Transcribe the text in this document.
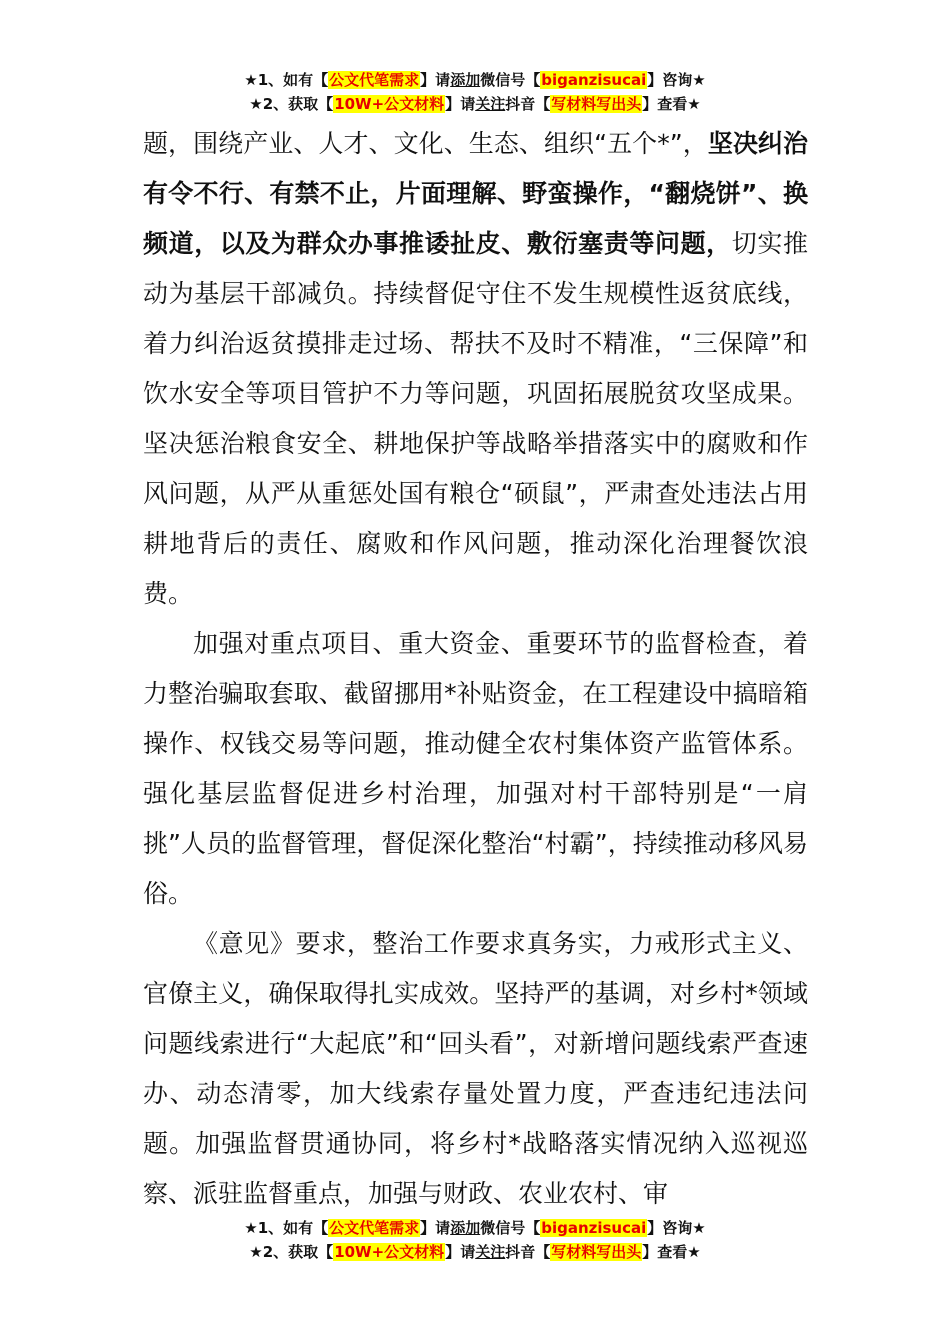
★1、如有【公文代笔需求】请添加微信号【biganzisucai】咨询★
★2、获取【10W+公文材料】请关注抖音【写材料写出头】查看★

题，围绕产业、人才、文化、生态、组织“五个*”，坚决纠治有令不行、有禁不止，片面理解、野蛮操作，“翻烧饼”、换频道，以及为群众办事推诿扯皮、敷衍塞责等问题，切实推动为基层干部减负。持续督促守住不发生规模性返贫底线，着力纠治返贫摸排走过场、帮扶不及时不精准，“三保障”和饮水安全等项目管护不力等问题，巩固拓展脱贫攻坚成果。坚决惩治粮食安全、耕地保护等战略举措落实中的腐败和作风问题，从严从重惩处国有粮仓“硕鼠”，严肃查处违法占用耕地背后的责任、腐败和作风问题，推动深化治理餐饮浪费。

加强对重点项目、重大资金、重要环节的监督检查，着力整治骗取套取、截留挪用*补贴资金，在工程建设中搞暗箱操作、权钱交易等问题，推动健全农村集体资产监管体系。强化基层监督促进乡村治理，加强对村干部特别是“一肩挑”人员的监督管理，督促深化整治“村霸”，持续推动移风易俗。

《意见》要求，整治工作要求真务实，力戒形式主义、官僚主义，确保取得扎实成效。坚持严的基调，对乡村*领域问题线索进行“大起底”和“回头看”，对新增问题线索严查速办、动态清零，加大线索存量处置力度，严查违纪违法问题。加强监督贯通协同，将乡村*战略落实情况纳入巡视巡察、派驻监督重点，加强与财政、农业农村、审

★1、如有【公文代笔需求】请添加微信号【biganzisucai】咨询★
★2、获取【10W+公文材料】请关注抖音【写材料写出头】查看★
